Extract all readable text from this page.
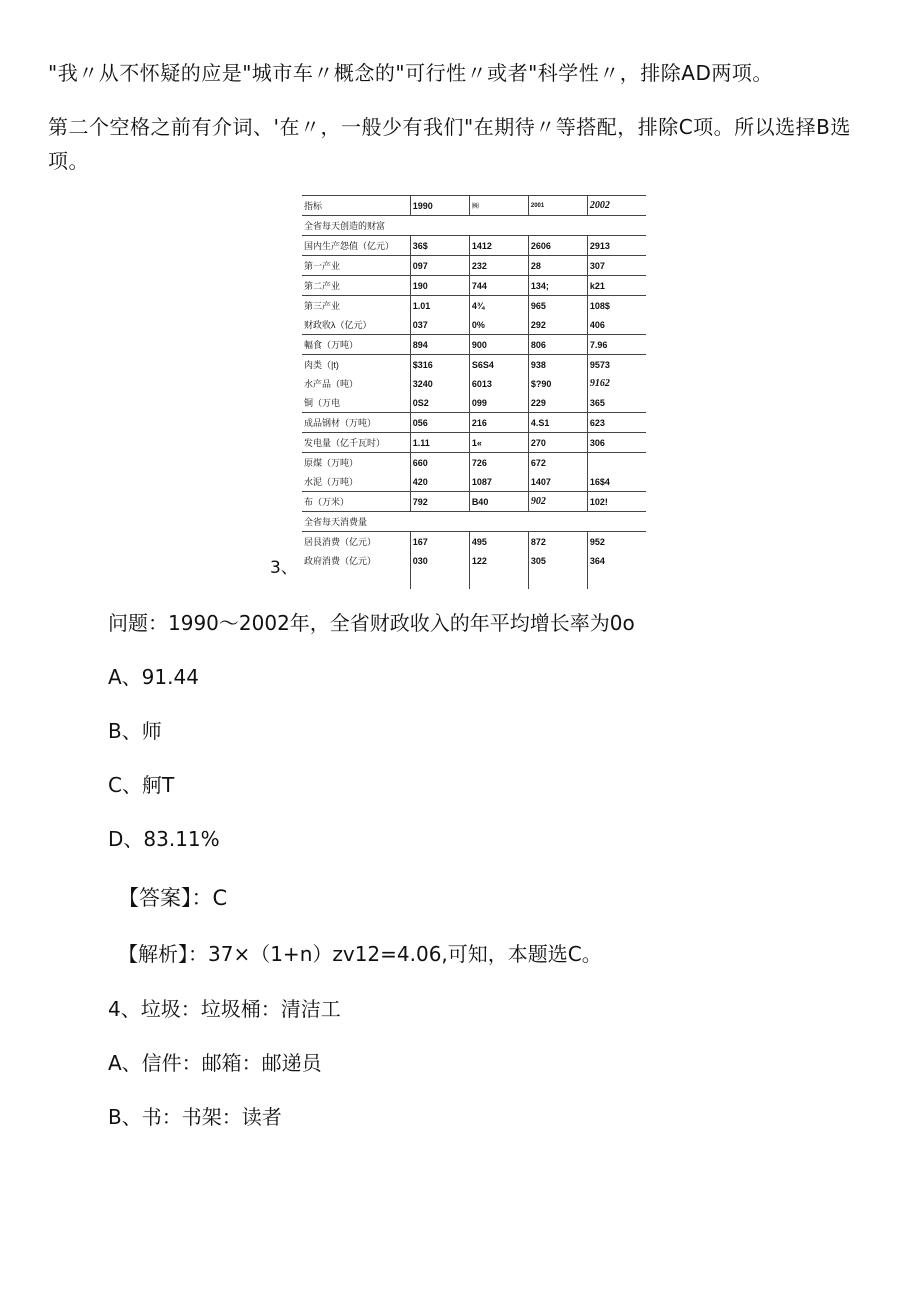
"我〃从不怀疑的应是"城市车〃概念的"可行性〃或者"科学性〃，排除AD两项。
第二个空格之前有介词、'在〃，一般少有我们"在期待〃等搭配，排除C项。所以选择B选项。
指标	1990	㈱	2001	2002
全省每天创造的财富				
国内生产怨值（亿元）	36$	1412	2606	2913
第一产业	097	232	28	307
第二产业	190	744	134;	k21
第三产业	1.01	4¾	965	108$
财政收λ（亿元）	037	0%	292	406
輻食（万吨）	894	900	806	7.96
肉类（|t)	$316	S6S4	938	9573
水产品（吨）	3240	6013	$?90	9162
铜（万电	0S2	099	229	365
成品钢材（万吨）	056	216	4.S1	623
发电量（亿千瓦时）	1.11	1«	270	306
原煤（万吨）	660	726	672	
水泥（万吨）	420	1087	1407	16$4
布（万米）	792	B40	902	102!
全省每天消费量				
居艮消费（亿元）	167	495	872	952
政府消费（亿元）	030	122	305	364

3、
问题：1990～2002年，全省财政收入的年平均增长率为0o
A、91.44
B、师
C、舸T
D、83.11%
【答案】：C
【解析】：37×（1+n）zv12=4.06,可知，本题选C。
4、垃圾：垃圾桶：清洁工
A、信件：邮箱：邮递员
B、书：书架：读者
